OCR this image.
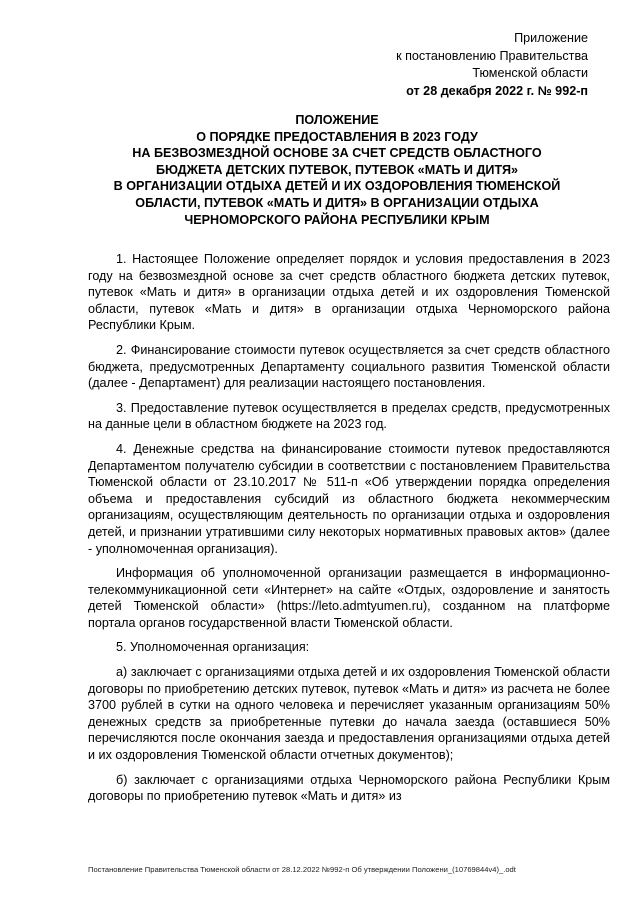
Приложение
к постановлению Правительства
Тюменской области
от 28 декабря 2022 г. № 992-п
ПОЛОЖЕНИЕ
О ПОРЯДКЕ ПРЕДОСТАВЛЕНИЯ В 2023 ГОДУ
НА БЕЗВОЗМЕЗДНОЙ ОСНОВЕ ЗА СЧЕТ СРЕДСТВ ОБЛАСТНОГО
БЮДЖЕТА ДЕТСКИХ ПУТЕВОК, ПУТЕВОК «МАТЬ И ДИТЯ»
В ОРГАНИЗАЦИИ ОТДЫХА ДЕТЕЙ И ИХ ОЗДОРОВЛЕНИЯ ТЮМЕНСКОЙ
ОБЛАСТИ, ПУТЕВОК «МАТЬ И ДИТЯ» В ОРГАНИЗАЦИИ ОТДЫХА
ЧЕРНОМОРСКОГО РАЙОНА РЕСПУБЛИКИ КРЫМ

1. Настоящее Положение определяет порядок и условия предоставления в 2023 году на безвозмездной основе за счет средств областного бюджета детских путевок, путевок «Мать и дитя» в организации отдыха детей и их оздоровления Тюменской области, путевок «Мать и дитя» в организации отдыха Черноморского района Республики Крым.

2. Финансирование стоимости путевок осуществляется за счет средств областного бюджета, предусмотренных Департаменту социального развития Тюменской области (далее - Департамент) для реализации настоящего постановления.

3. Предоставление путевок осуществляется в пределах средств, предусмотренных на данные цели в областном бюджете на 2023 год.

4. Денежные средства на финансирование стоимости путевок предоставляются Департаментом получателю субсидии в соответствии с постановлением Правительства Тюменской области от 23.10.2017 № 511-п «Об утверждении порядка определения объема и предоставления субсидий из областного бюджета некоммерческим организациям, осуществляющим деятельность по организации отдыха и оздоровления детей, и признании утратившими силу некоторых нормативных правовых актов» (далее - уполномоченная организация).

Информация об уполномоченной организации размещается в информационно-телекоммуникационной сети «Интернет» на сайте «Отдых, оздоровление и занятость детей Тюменской области» (https://leto.admtyumen.ru), созданном на платформе портала органов государственной власти Тюменской области.

5. Уполномоченная организация:

а) заключает с организациями отдыха детей и их оздоровления Тюменской области договоры по приобретению детских путевок, путевок «Мать и дитя» из расчета не более 3700 рублей в сутки на одного человека и перечисляет указанным организациям 50% денежных средств за приобретенные путевки до начала заезда (оставшиеся 50% перечисляются после окончания заезда и предоставления организациями отдыха детей и их оздоровления Тюменской области отчетных документов);

б) заключает с организациями отдыха Черноморского района Республики Крым договоры по приобретению путевок «Мать и дитя» из

Постановление Правительства Тюменской области от 28.12.2022 №992-п Об утверждении Положени_(10769844v4)_.odt
